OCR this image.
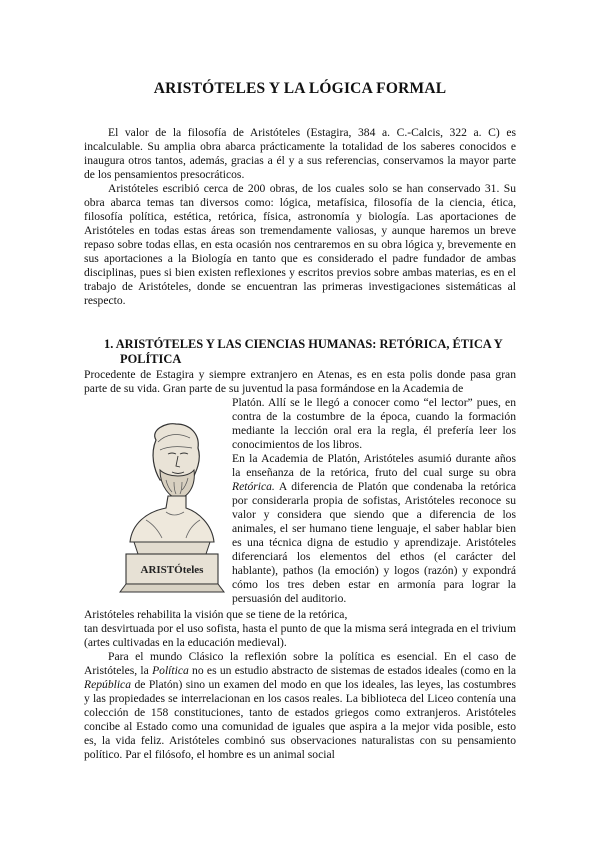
ARISTÓTELES Y LA LÓGICA FORMAL

El valor de la filosofía de Aristóteles (Estagira, 384 a. C.-Calcis, 322 a. C) es incalculable. Su amplia obra abarca prácticamente la totalidad de los saberes conocidos e inaugura otros tantos, además, gracias a él y a sus referencias, conservamos la mayor parte de los pensamientos presocráticos.

Aristóteles escribió cerca de 200 obras, de los cuales solo se han conservado 31. Su obra abarca temas tan diversos como: lógica, metafísica, filosofía de la ciencia, ética, filosofía política, estética, retórica, física, astronomía y biología. Las aportaciones de Aristóteles en todas estas áreas son tremendamente valiosas, y aunque haremos un breve repaso sobre todas ellas, en esta ocasión nos centraremos en su obra lógica y, brevemente en sus aportaciones a la Biología en tanto que es considerado el padre fundador de ambas disciplinas, pues si bien existen reflexiones y escritos previos sobre ambas materias, es en el trabajo de Aristóteles, donde se encuentran las primeras investigaciones sistemáticas al respecto.

1. ARISTÓTELES Y LAS CIENCIAS HUMANAS: RETÓRICA, ÉTICA Y
POLÍTICA

Procedente de Estagira y siempre extranjero en Atenas, es en esta polis donde pasa gran parte de su vida. Gran parte de su juventud la pasa formándose en la Academia de

ARISTÓteles

Platón. Allí se le llegó a conocer como “el lector” pues, en contra de la costumbre de la época, cuando la formación mediante la lección oral era la regla, él prefería leer los conocimientos de los libros.

En la Academia de Platón, Aristóteles asumió durante años la enseñanza de la retórica, fruto del cual surge su obra Retórica. A diferencia de Platón que condenaba la retórica por considerarla propia de sofistas, Aristóteles reconoce su valor y considera que siendo que a diferencia de los animales, el ser humano tiene lenguaje, el saber hablar bien es una técnica digna de estudio y aprendizaje. Aristóteles diferenciará los elementos del ethos (el carácter del hablante), pathos (la emoción) y logos (razón) y expondrá cómo los tres deben estar en armonía para lograr la persuasión del auditorio.

Aristóteles rehabilita la visión que se tiene de la retórica,

tan desvirtuada por el uso sofista, hasta el punto de que la misma será integrada en el trivium (artes cultivadas en la educación medieval).

Para el mundo Clásico la reflexión sobre la política es esencial. En el caso de Aristóteles, la Política no es un estudio abstracto de sistemas de estados ideales (como en la República de Platón) sino un examen del modo en que los ideales, las leyes, las costumbres y las propiedades se interrelacionan en los casos reales. La biblioteca del Liceo contenía una colección de 158 constituciones, tanto de estados griegos como extranjeros. Aristóteles concibe al Estado como una comunidad de iguales que aspira a la mejor vida posible, esto es, la vida feliz. Aristóteles combinó sus observaciones naturalistas con su pensamiento político. Par el filósofo, el hombre es un animal social
